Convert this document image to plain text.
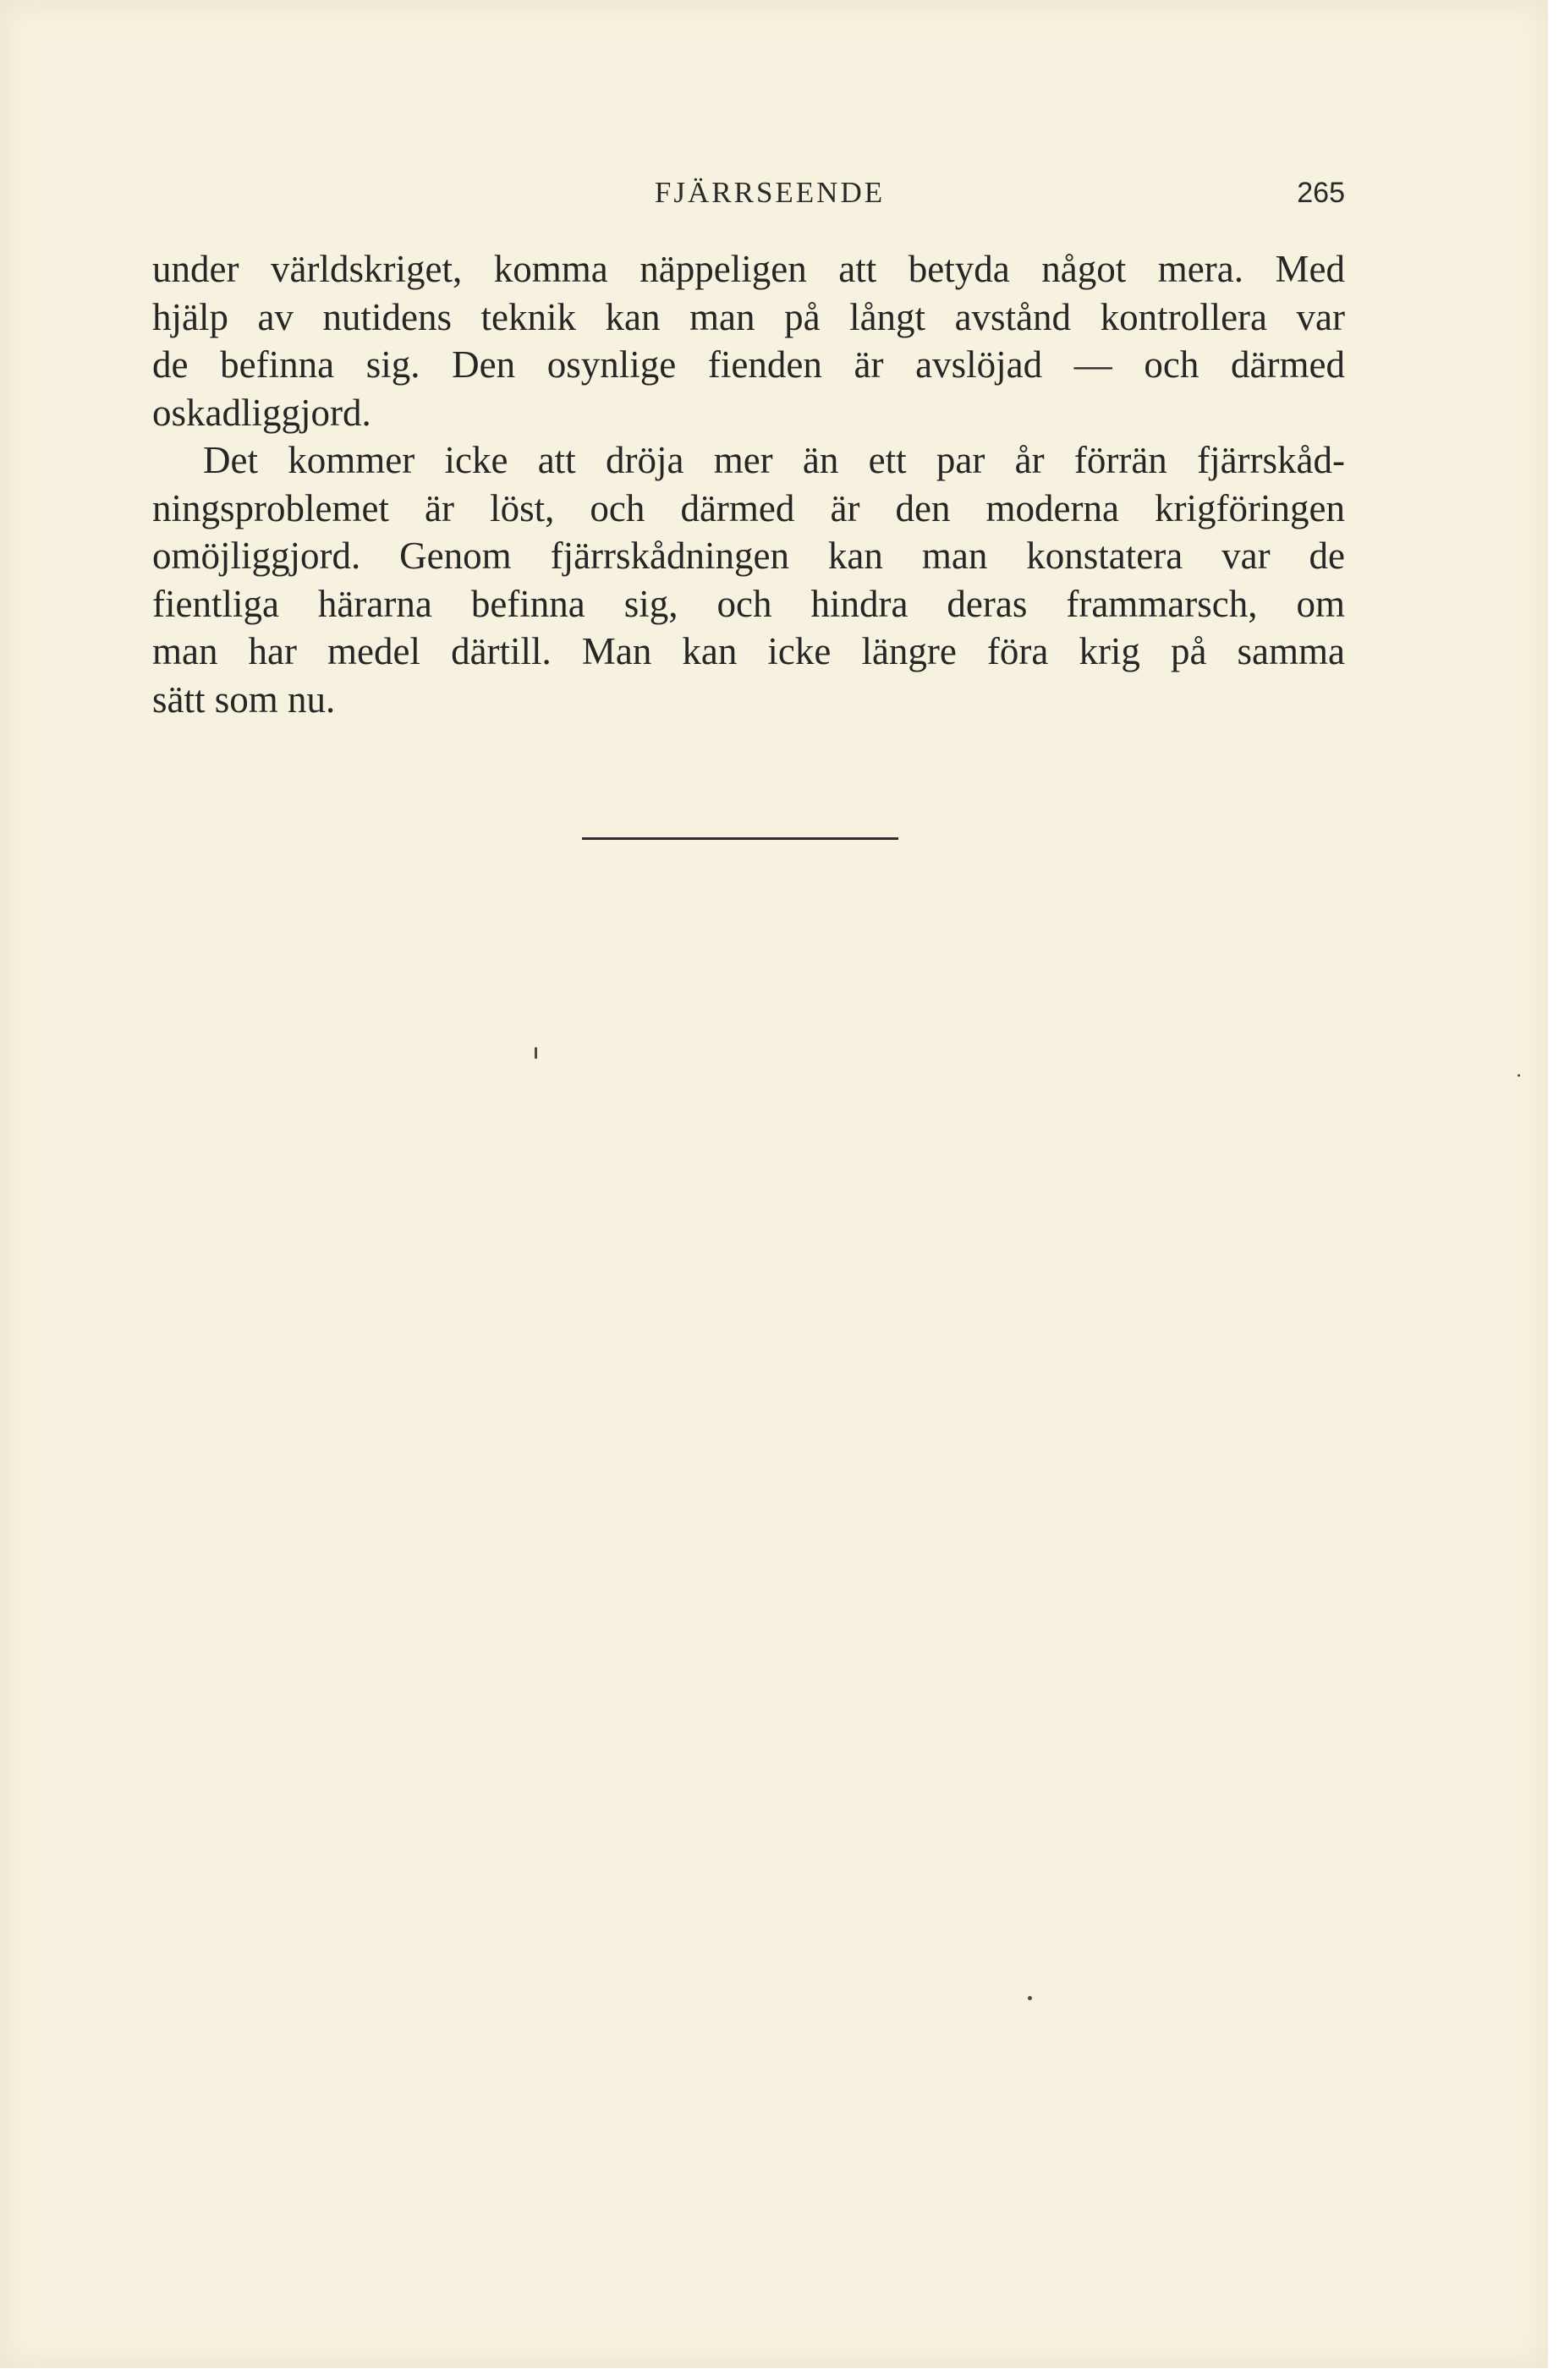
FJÄRRSEENDE	265

under världskriget, komma näppeligen att betyda något mera. Med
hjälp av nutidens teknik kan man på långt avstånd kontrollera var
de befinna sig. Den osynlige fienden är avslöjad — och därmed
oskadliggjord.

Det kommer icke att dröja mer än ett par år förrän fjärrskåd-
ningsproblemet är löst, och därmed är den moderna krigföringen
omöjliggjord. Genom fjärrskådningen kan man konstatera var de
fientliga härarna befinna sig, och hindra deras frammarsch, om
man har medel därtill. Man kan icke längre föra krig på samma
sätt som nu.
